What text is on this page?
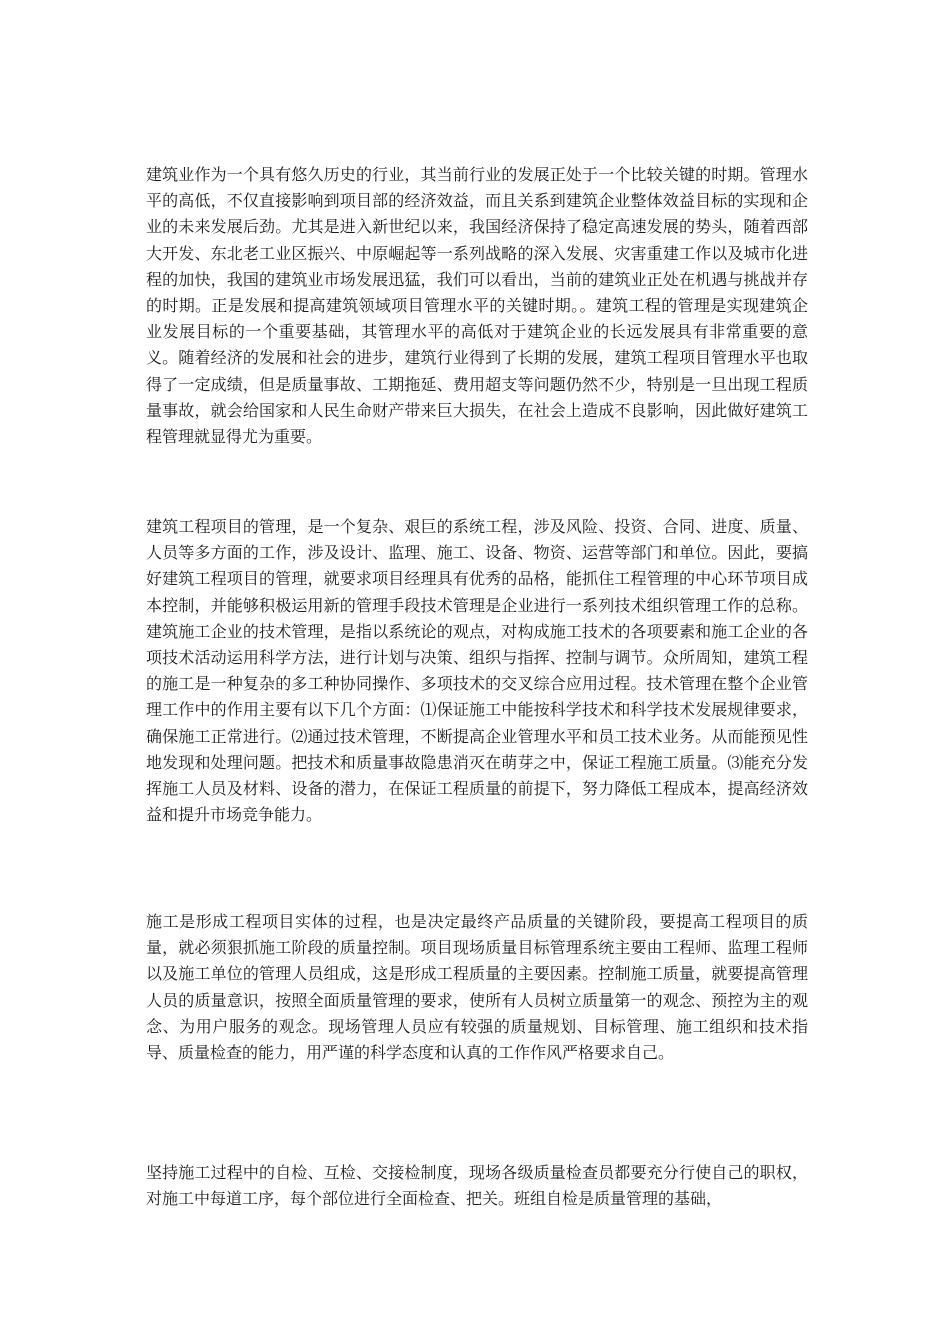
建筑业作为一个具有悠久历史的行业，其当前行业的发展正处于一个比较关键的时期。管理水平的高低，不仅直接影响到项目部的经济效益，而且关系到建筑企业整体效益目标的实现和企业的未来发展后劲。尤其是进入新世纪以来，我国经济保持了稳定高速发展的势头，随着西部大开发、东北老工业区振兴、中原崛起等一系列战略的深入发展、灾害重建工作以及城市化进程的加快，我国的建筑业市场发展迅猛，我们可以看出，当前的建筑业正处在机遇与挑战并存的时期。正是发展和提高建筑领域项目管理水平的关键时期。。建筑工程的管理是实现建筑企业发展目标的一个重要基础，其管理水平的高低对于建筑企业的长远发展具有非常重要的意义。随着经济的发展和社会的进步，建筑行业得到了长期的发展，建筑工程项目管理水平也取得了一定成绩，但是质量事故、工期拖延、费用超支等问题仍然不少，特别是一旦出现工程质量事故，就会给国家和人民生命财产带来巨大损失，在社会上造成不良影响，因此做好建筑工程管理就显得尤为重要。

建筑工程项目的管理，是一个复杂、艰巨的系统工程，涉及风险、投资、合同、进度、质量、人员等多方面的工作，涉及设计、监理、施工、设备、物资、运营等部门和单位。因此，要搞好建筑工程项目的管理，就要求项目经理具有优秀的品格，能抓住工程管理的中心环节项目成本控制，并能够积极运用新的管理手段技术管理是企业进行一系列技术组织管理工作的总称。建筑施工企业的技术管理，是指以系统论的观点，对构成施工技术的各项要素和施工企业的各项技术活动运用科学方法，进行计划与决策、组织与指挥、控制与调节。众所周知，建筑工程的施工是一种复杂的多工种协同操作、多项技术的交叉综合应用过程。技术管理在整个企业管理工作中的作用主要有以下几个方面：⑴保证施工中能按科学技术和科学技术发展规律要求，确保施工正常进行。⑵通过技术管理，不断提高企业管理水平和员工技术业务。从而能预见性地发现和处理问题。把技术和质量事故隐患消灭在萌芽之中，保证工程施工质量。⑶能充分发挥施工人员及材料、设备的潜力，在保证工程质量的前提下，努力降低工程成本，提高经济效益和提升市场竞争能力。

施工是形成工程项目实体的过程，也是决定最终产品质量的关键阶段，要提高工程项目的质量，就必须狠抓施工阶段的质量控制。项目现场质量目标管理系统主要由工程师、监理工程师以及施工单位的管理人员组成，这是形成工程质量的主要因素。控制施工质量，就要提高管理人员的质量意识，按照全面质量管理的要求，使所有人员树立质量第一的观念、预控为主的观念、为用户服务的观念。现场管理人员应有较强的质量规划、目标管理、施工组织和技术指导、质量检查的能力，用严谨的科学态度和认真的工作作风严格要求自己。

坚持施工过程中的自检、互检、交接检制度，现场各级质量检查员都要充分行使自己的职权，对施工中每道工序，每个部位进行全面检查、把关。班组自检是质量管理的基础，
